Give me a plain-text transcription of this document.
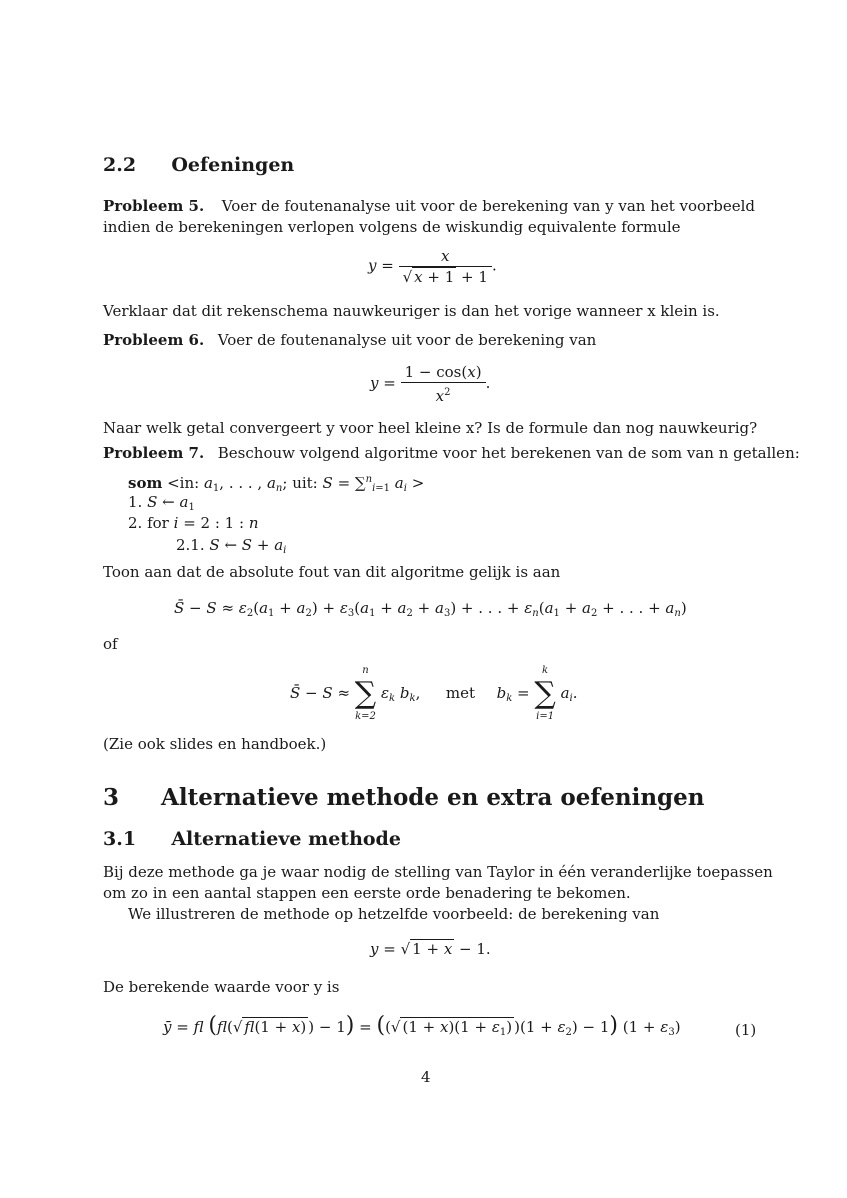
2.2 Oefeningen
Probleem 5. Voer de foutenanalyse uit voor de berekening van y van het voorbeeld
indien de berekeningen verlopen volgens de wiskundig equivalente formule
$y = \frac{x}{√ x + 1 + 1}$ .
Verklaar dat dit rekenschema nauwkeuriger is dan het vorige wanneer x klein is.
Probleem 6. Voer de foutenanalyse uit voor de berekening van
$y = \frac{1 - \cos(x)}{x^2}$ .
Naar welk getal convergeert y voor heel kleine x? Is de formule dan nog nauwkeurig?
Probleem 7. Beschouw volgend algoritme voor het berekenen van de som van n getallen:
som <in: $a_1$, . . . , $a_n$; uit: S = ∑$^n_{i=1}$ $a_i$ >
1. S ← $a_1$
2. for i = 2 : 1 : n
2.1. S ← $S + a_i$
Toon aan dat de absolute fout van dit algoritme gelijk is aan
S̄ − $S \approx \varepsilon_2(a_1 + a_2) + \varepsilon_3(a_1 + a_2 + a_3)$ + . . . + $\varepsilon_n(a_1 + a_2$ + . . . + $a_n$)
of
S̄ − S ≈
n
∑
k=2
$\varepsilon_k$ $b_k$,  met $b_k$ =
k
∑
i=1
$a_i$.
(Zie ook slides en handboek.)
3 Alternatieve methode en extra oefeningen
3.1 Alternatieve methode
Bij deze methode ga je waar nodig de stelling van Taylor in één veranderlijke toepassen
om zo in een aantal stappen een eerste orde benadering te bekomen.
We illustreren de methode op hetzelfde voorbeeld: de berekening van
y = √ 1 + x − 1.
De berekende waarde voor y is
ȳ = fl (fl(√ fl(1 + x) ) − 1) = ((√ $(1 + x)(1 + \varepsilon_1)$ )$(1 + \varepsilon_2) - 1$) $(1 + \varepsilon_3)$	(1)
4
